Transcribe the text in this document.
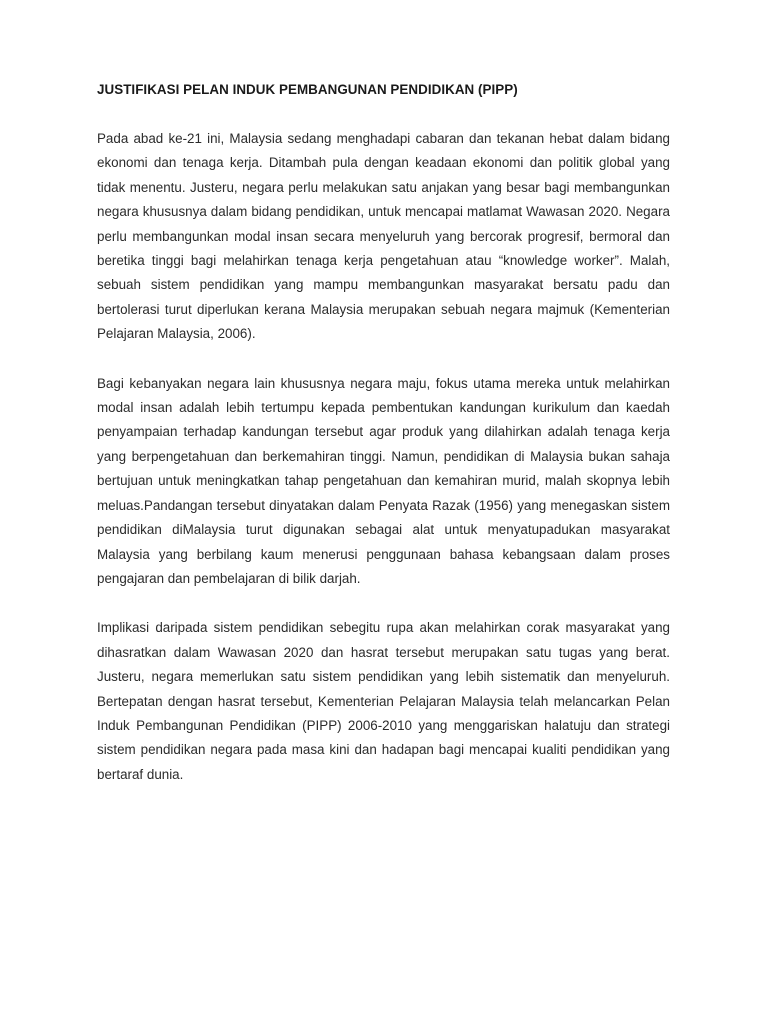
JUSTIFIKASI PELAN INDUK PEMBANGUNAN PENDIDIKAN (PIPP)

Pada abad ke-21 ini, Malaysia sedang menghadapi cabaran dan tekanan hebat dalam bidang ekonomi dan tenaga kerja. Ditambah pula dengan keadaan ekonomi dan politik global yang tidak menentu. Justeru, negara perlu melakukan satu anjakan yang besar bagi membangunkan negara khususnya dalam bidang pendidikan, untuk mencapai matlamat Wawasan 2020. Negara perlu membangunkan modal insan secara menyeluruh yang bercorak progresif, bermoral dan beretika tinggi bagi melahirkan tenaga kerja pengetahuan atau “knowledge worker”. Malah, sebuah sistem pendidikan yang mampu membangunkan masyarakat bersatu padu dan bertolerasi turut diperlukan kerana Malaysia merupakan sebuah negara majmuk (Kementerian Pelajaran Malaysia, 2006).

Bagi kebanyakan negara lain khususnya negara maju, fokus utama mereka untuk melahirkan modal insan adalah lebih tertumpu kepada pembentukan kandungan kurikulum dan kaedah penyampaian terhadap kandungan tersebut agar produk yang dilahirkan adalah tenaga kerja yang berpengetahuan dan berkemahiran tinggi. Namun, pendidikan di Malaysia bukan sahaja bertujuan untuk meningkatkan tahap pengetahuan dan kemahiran murid, malah skopnya lebih meluas.Pandangan tersebut dinyatakan dalam Penyata Razak (1956) yang menegaskan sistem pendidikan diMalaysia turut digunakan sebagai alat untuk menyatupadukan masyarakat Malaysia yang berbilang kaum menerusi penggunaan bahasa kebangsaan dalam proses pengajaran dan pembelajaran di bilik darjah.

Implikasi daripada sistem pendidikan sebegitu rupa akan melahirkan corak masyarakat yang dihasratkan dalam Wawasan 2020 dan hasrat tersebut merupakan satu tugas yang berat. Justeru, negara memerlukan satu sistem pendidikan yang lebih sistematik dan menyeluruh. Bertepatan dengan hasrat tersebut, Kementerian Pelajaran Malaysia telah melancarkan Pelan Induk Pembangunan Pendidikan (PIPP) 2006-2010 yang menggariskan halatuju dan strategi sistem pendidikan negara pada masa kini dan hadapan bagi mencapai kualiti pendidikan yang bertaraf dunia.
